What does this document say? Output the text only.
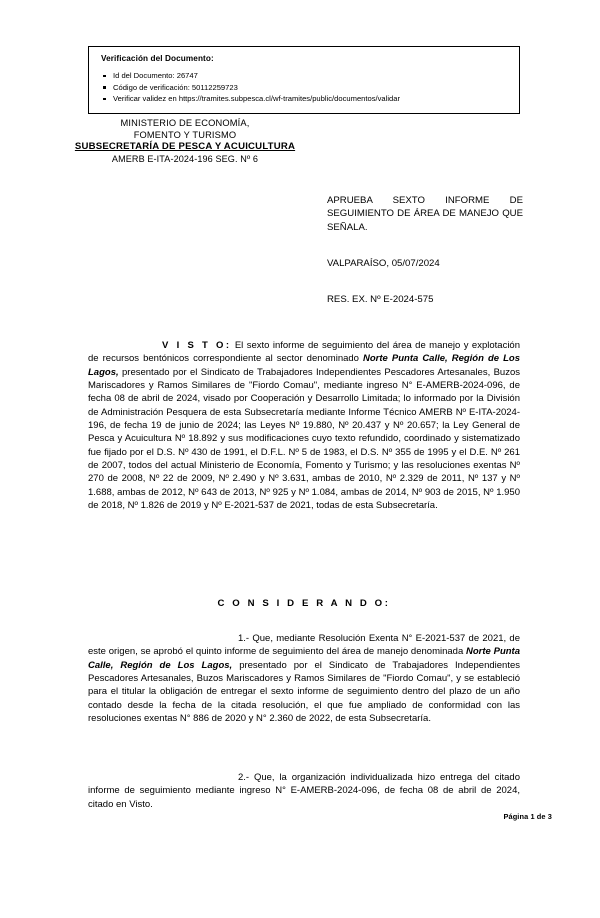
Verificación del Documento:
Id del Documento: 26747
Código de verificación: 50112259723
Verificar validez en https://tramites.subpesca.cl/wf-tramites/public/documentos/validar
MINISTERIO DE ECONOMÍA,
FOMENTO Y TURISMO
SUBSECRETARÍA DE PESCA Y ACUICULTURA
AMERB E-ITA-2024-196 SEG. Nº 6
APRUEBA SEXTO INFORME DE SEGUIMIENTO DE ÁREA DE MANEJO QUE SEÑALA.
VALPARAÍSO, 05/07/2024
RES. EX. Nº E-2024-575
V I S T O: El sexto informe de seguimiento del área de manejo y explotación de recursos bentónicos correspondiente al sector denominado Norte Punta Calle, Región de Los Lagos, presentado por el Sindicato de Trabajadores Independientes Pescadores Artesanales, Buzos Mariscadores y Ramos Similares de "Fiordo Comau", mediante ingreso N° E-AMERB-2024-096, de fecha 08 de abril de 2024, visado por Cooperación y Desarrollo Limitada; lo informado por la División de Administración Pesquera de esta Subsecretaría mediante Informe Técnico AMERB Nº E-ITA-2024-196, de fecha 19 de junio de 2024; las Leyes Nº 19.880, Nº 20.437 y Nº 20.657; la Ley General de Pesca y Acuicultura Nº 18.892 y sus modificaciones cuyo texto refundido, coordinado y sistematizado fue fijado por el D.S. Nº 430 de 1991, el D.F.L. Nº 5 de 1983, el D.S. Nº 355 de 1995 y el D.E. Nº 261 de 2007, todos del actual Ministerio de Economía, Fomento y Turismo; y las resoluciones exentas Nº 270 de 2008, Nº 22 de 2009, Nº 2.490 y Nº 3.631, ambas de 2010, Nº 2.329 de 2011, Nº 137 y Nº 1.688, ambas de 2012, Nº 643 de 2013, Nº 925 y Nº 1.084, ambas de 2014, Nº 903 de 2015, Nº 1.950 de 2018, Nº 1.826 de 2019 y Nº E-2021-537 de 2021, todas de esta Subsecretaría.
C O N S I D E R A N D O:
1.- Que, mediante Resolución Exenta N° E-2021-537 de 2021, de este origen, se aprobó el quinto informe de seguimiento del área de manejo denominada Norte Punta Calle, Región de Los Lagos, presentado por el Sindicato de Trabajadores Independientes Pescadores Artesanales, Buzos Mariscadores y Ramos Similares de "Fiordo Comau", y se estableció para el titular la obligación de entregar el sexto informe de seguimiento dentro del plazo de un año contado desde la fecha de la citada resolución, el que fue ampliado de conformidad con las resoluciones exentas N° 886 de 2020 y N° 2.360 de 2022, de esta Subsecretaría.
2.- Que, la organización individualizada hizo entrega del citado informe de seguimiento mediante ingreso N° E-AMERB-2024-096, de fecha 08 de abril de 2024, citado en Visto.
Página 1 de 3
